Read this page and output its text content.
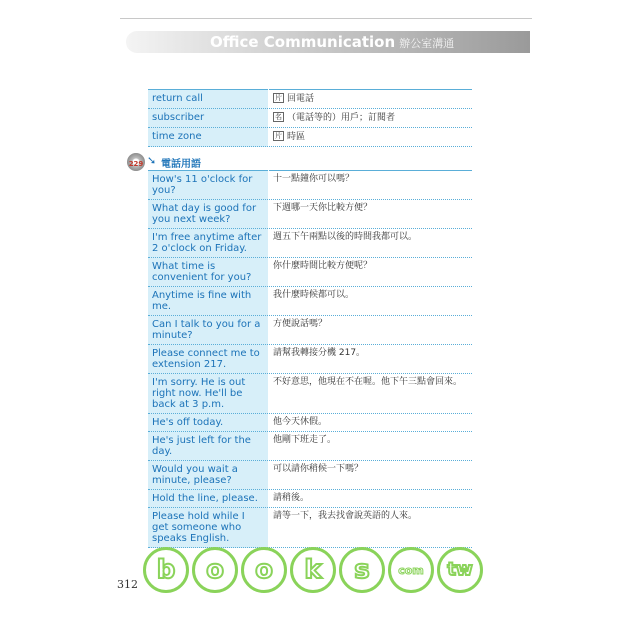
Office Communication 辦公室溝通
return call	片 回電話
subscriber	名 （電話等的）用戶；訂閱者
time zone	片 時區
229 ➘ 電話用語
How's 11 o'clock for you?	十一點鐘你可以嗎？
What day is good for you next week?	下週哪一天你比較方便？
I'm free anytime after 2 o'clock on Friday.	週五下午兩點以後的時間我都可以。
What time is convenient for you?	你什麼時間比較方便呢？
Anytime is fine with me.	我什麼時候都可以。
Can I talk to you for a minute?	方便說話嗎？
Please connect me to extension 217.	請幫我轉接分機 217。
I'm sorry. He is out right now. He'll be back at 3 p.m.	不好意思，他現在不在喔。他下午三點會回來。
He's off today.	他今天休假。
He's just left for the day.	他剛下班走了。
Would you wait a minute, please?	可以請你稍候一下嗎？
Hold the line, please.	請稍後。
Please hold while I get someone who speaks English.	請等一下，我去找會說英語的人來。
312 b	o	o	k	s	com	tw
